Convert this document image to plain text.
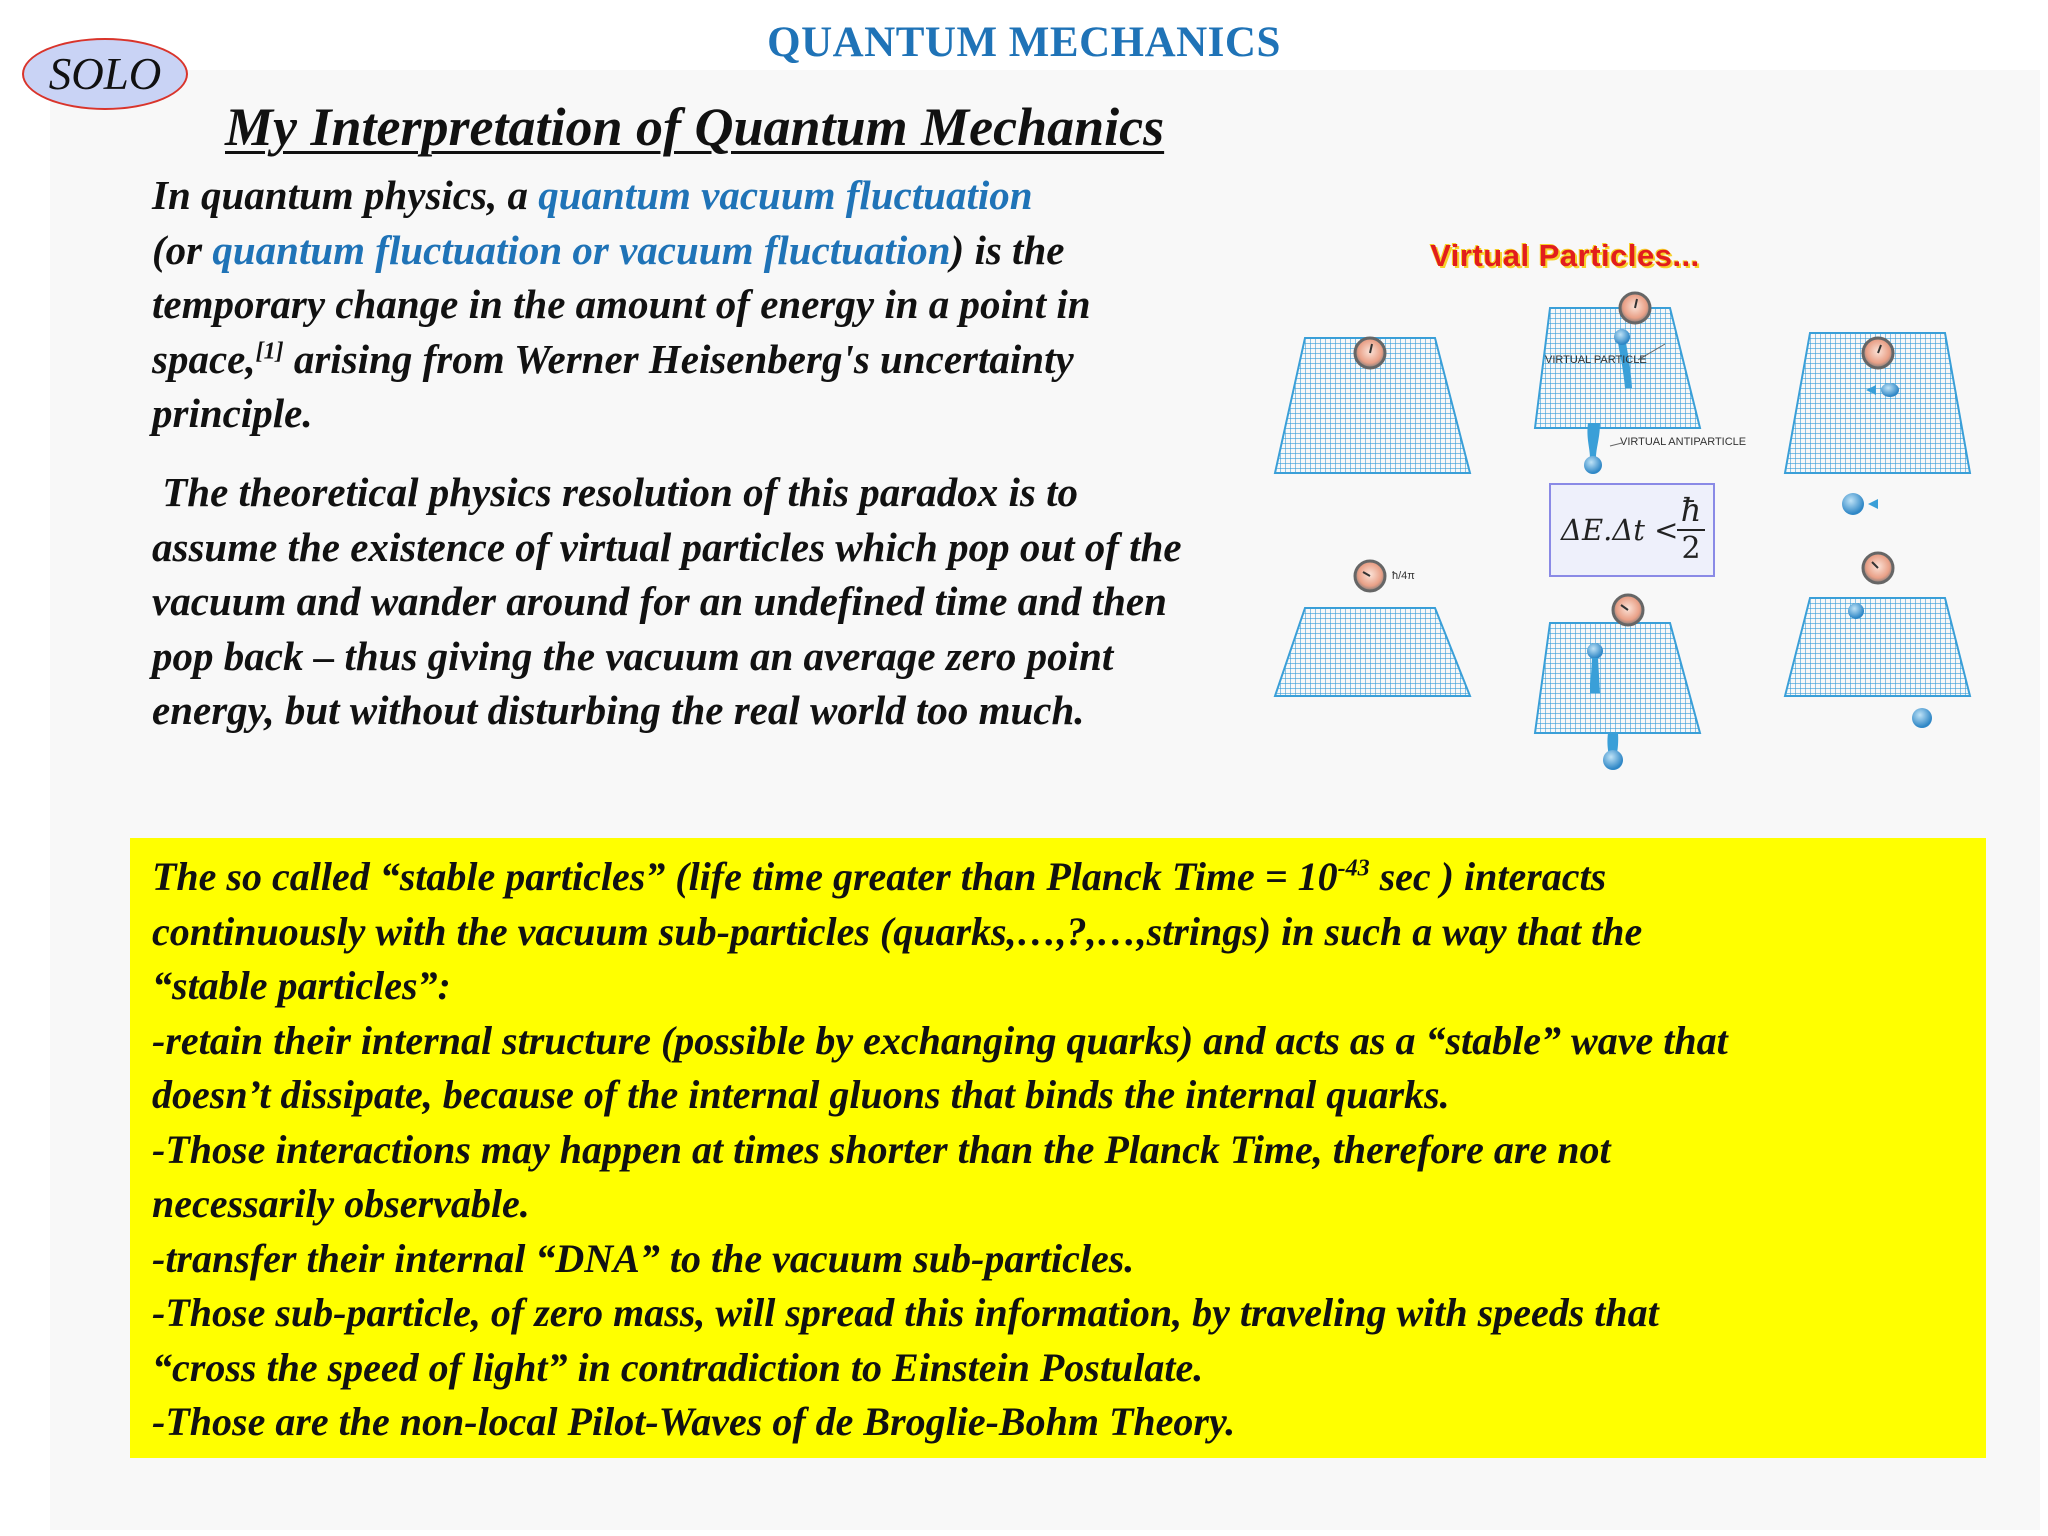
SOLO
QUANTUM MECHANICS
My Interpretation of Quantum Mechanics
In quantum physics, a quantum vacuum fluctuation
(or quantum fluctuation or vacuum fluctuation) is the temporary change in the amount of energy in a point in space,[1] arising from Werner Heisenberg's uncertainty principle.
The theoretical physics resolution of this paradox is to assume the existence of virtual particles which pop out of the vacuum and wander around for an undefined time and then pop back – thus giving the vacuum an average zero point energy, but without disturbing the real world too much.
Virtual Particles...
VIRTUAL PARTICLE
VIRTUAL ANTIPARTICLE
ħ/4π
ΔE.Δt <
ħ
2
The so called “stable particles” (life time greater than Planck Time = $10^{-43}$ sec ) interacts
continuously with the vacuum sub-particles (quarks,…,?,…,strings) in such a way that the
“stable particles”:
-retain their internal structure (possible by exchanging quarks) and acts as a “stable” wave that
doesn’t dissipate, because of the internal gluons that binds the internal quarks.
-Those interactions may happen at times shorter than the Planck Time, therefore are not
necessarily observable.
-transfer their internal “DNA” to the vacuum sub-particles.
-Those sub-particle, of zero mass, will spread this information, by traveling with speeds that
“cross the speed of light” in contradiction to Einstein Postulate.
-Those are the non-local Pilot-Waves of de Broglie-Bohm Theory.
